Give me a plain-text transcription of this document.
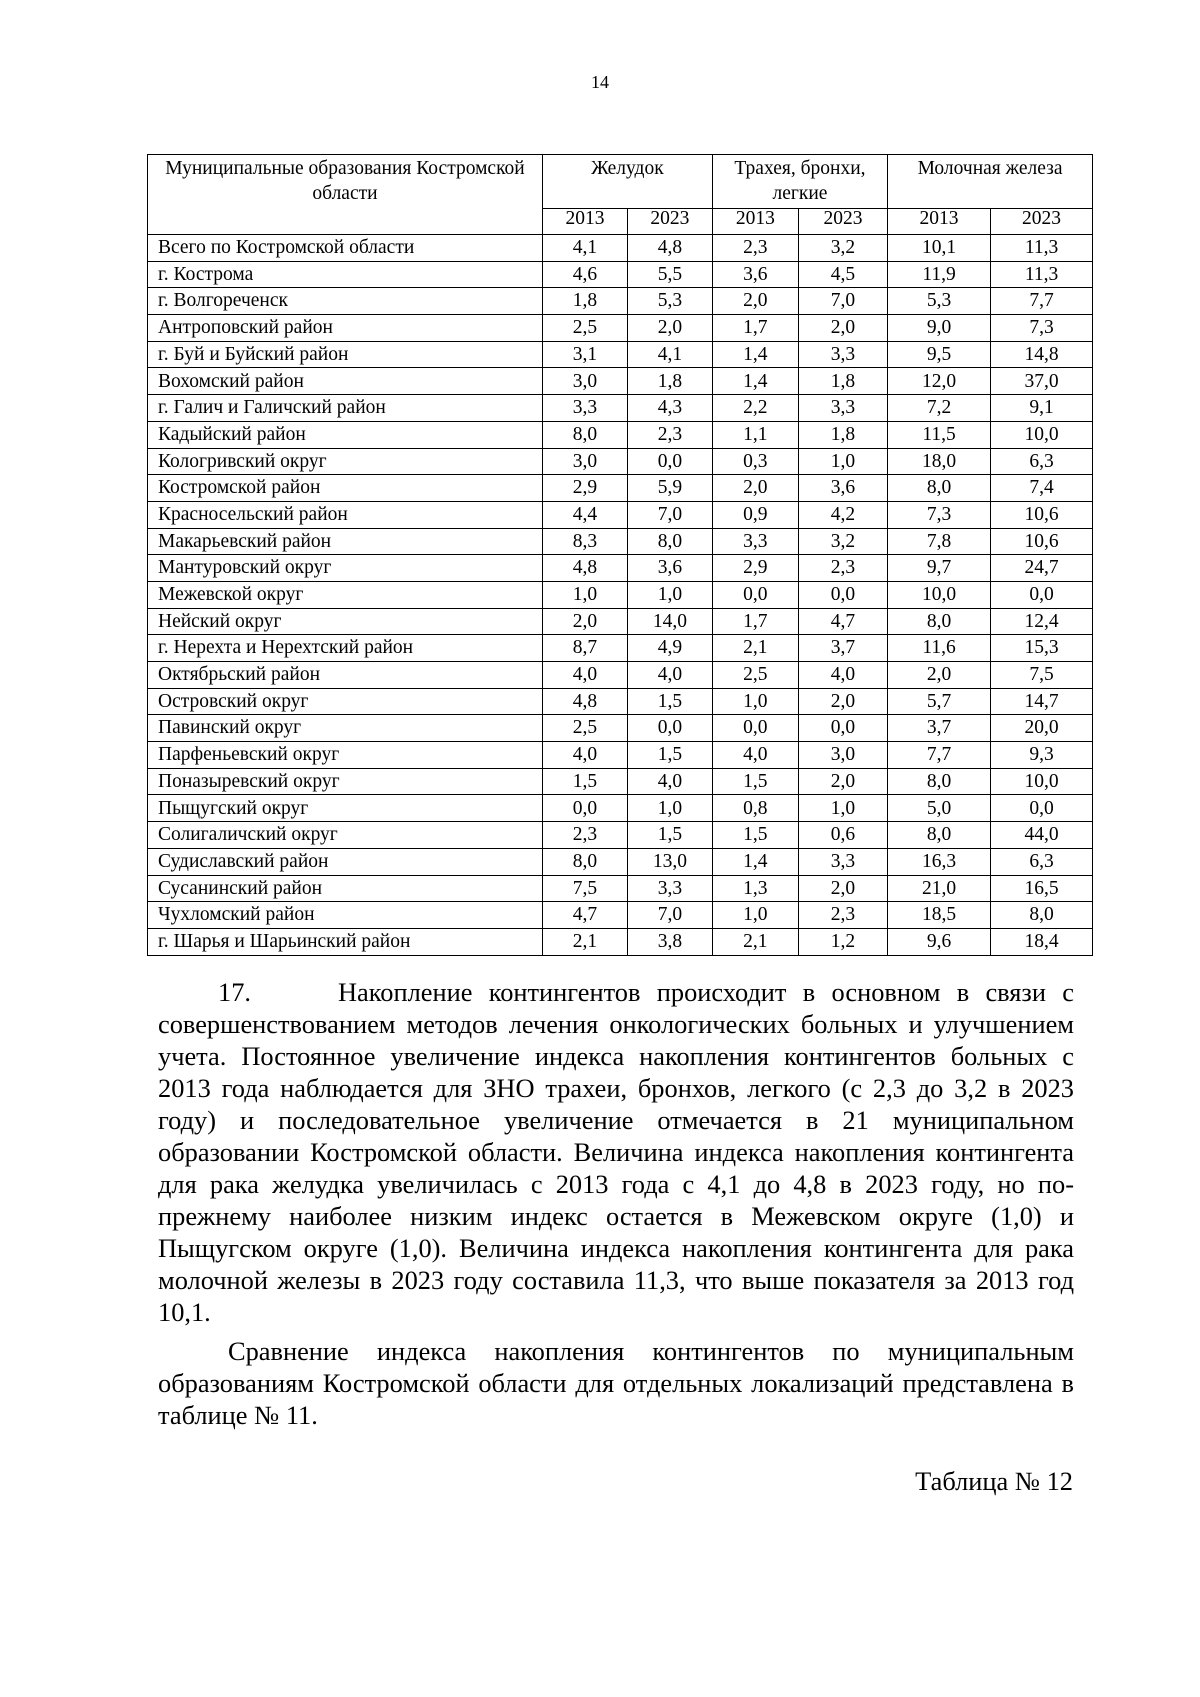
14
Муниципальные образования Костромской области	Желудок		Трахея, бронхи, легкие		Молочная железа	
	2013	2023	2013	2023	2013	2023
Всего по Костромской области	4,1	4,8	2,3	3,2	10,1	11,3
г. Кострома	4,6	5,5	3,6	4,5	11,9	11,3
г. Волгореченск	1,8	5,3	2,0	7,0	5,3	7,7
Антроповский район	2,5	2,0	1,7	2,0	9,0	7,3
г. Буй и Буйский район	3,1	4,1	1,4	3,3	9,5	14,8
Вохомский район	3,0	1,8	1,4	1,8	12,0	37,0
г. Галич и Галичский район	3,3	4,3	2,2	3,3	7,2	9,1
Кадыйский район	8,0	2,3	1,1	1,8	11,5	10,0
Кологривский округ	3,0	0,0	0,3	1,0	18,0	6,3
Костромской район	2,9	5,9	2,0	3,6	8,0	7,4
Красносельский район	4,4	7,0	0,9	4,2	7,3	10,6
Макарьевский район	8,3	8,0	3,3	3,2	7,8	10,6
Мантуровский округ	4,8	3,6	2,9	2,3	9,7	24,7
Межевской округ	1,0	1,0	0,0	0,0	10,0	0,0
Нейский округ	2,0	14,0	1,7	4,7	8,0	12,4
г. Нерехта и Нерехтский район	8,7	4,9	2,1	3,7	11,6	15,3
Октябрьский район	4,0	4,0	2,5	4,0	2,0	7,5
Островский округ	4,8	1,5	1,0	2,0	5,7	14,7
Павинский округ	2,5	0,0	0,0	0,0	3,7	20,0
Парфеньевский округ	4,0	1,5	4,0	3,0	7,7	9,3
Поназыревский округ	1,5	4,0	1,5	2,0	8,0	10,0
Пыщугский округ	0,0	1,0	0,8	1,0	5,0	0,0
Солигаличский округ	2,3	1,5	1,5	0,6	8,0	44,0
Судиславский район	8,0	13,0	1,4	3,3	16,3	6,3
Сусанинский район	7,5	3,3	1,3	2,0	21,0	16,5
Чухломский район	4,7	7,0	1,0	2,3	18,5	8,0
г. Шарья и Шарьинский район	2,1	3,8	2,1	1,2	9,6	18,4

17.	Накопление контингентов происходит в основном в связи с совершенствованием методов лечения онкологических больных и улучшением учета. Постоянное увеличение индекса накопления контингентов больных с 2013 года наблюдается для ЗНО трахеи, бронхов, легкого (с 2,3 до 3,2 в 2023 году) и последовательное увеличение отмечается в 21 муниципальном образовании Костромской области. Величина индекса накопления контингента для рака желудка увеличилась с 2013 года с 4,1 до 4,8 в 2023 году, но по-прежнему наиболее низким индекс остается в Межевском округе (1,0) и Пыщугском округе (1,0). Величина индекса накопления контингента для рака молочной железы в 2023 году составила 11,3, что выше показателя за 2013 год 10,1.

Сравнение индекса накопления контингентов по муниципальным образованиям Костромской области для отдельных локализаций представлена в таблице № 11.

Таблица № 12
